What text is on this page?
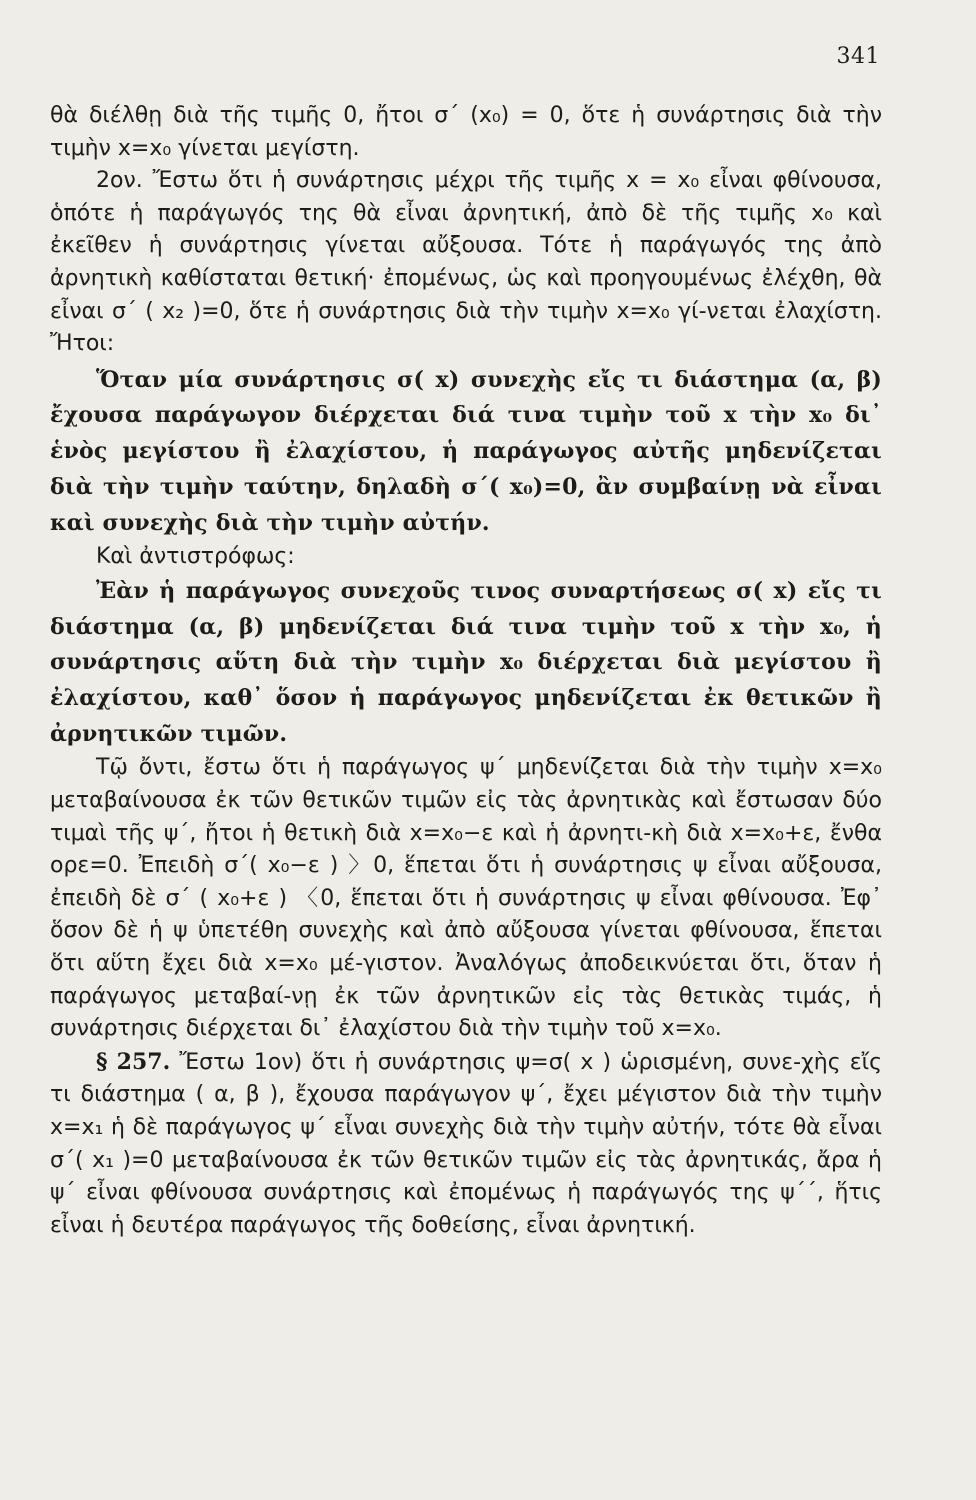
341

θὰ διέλθῃ διὰ τῆς τιμῆς 0, ἤτοι σ΄ (x₀) = 0, ὅτε ἡ συνάρτησις διὰ τὴν τιμὴν x=x₀ γίνεται μεγίστη.

2ον. Ἔστω ὅτι ἡ συνάρτησις μέχρι τῆς τιμῆς x = x₀ εἶναι φθίνουσα, ὁπότε ἡ παράγωγός της θὰ εἶναι ἀρνητική, ἀπὸ δὲ τῆς τιμῆς x₀ καὶ ἐκεῖθεν ἡ συνάρτησις γίνεται αὔξουσα. Τότε ἡ παράγωγός της ἀπὸ ἀρνητικὴ καθίσταται θετική· ἐπομένως, ὡς καὶ προηγουμένως ἐλέχθη, θὰ εἶναι σ΄ ( x₂ )=0, ὅτε ἡ συνάρτησις διὰ τὴν τιμὴν x=x₀ γί-νεται ἐλαχίστη. Ἤτοι:

Ὅταν μία συνάρτησις σ( x) συνεχὴς εἴς τι διάστημα (α, β) ἔχουσα παράγωγον διέρχεται διά τινα τιμὴν τοῦ x τὴν x₀ δι᾽ ἑνὸς μεγίστου ἢ ἐλαχίστου, ἡ παράγωγος αὐτῆς μηδενίζεται διὰ τὴν τιμὴν ταύτην, δηλαδὴ σ΄( x₀)=0, ἂν συμβαίνῃ νὰ εἶναι καὶ συνεχὴς διὰ τὴν τιμὴν αὐτήν.

Καὶ ἀντιστρόφως:

Ἐὰν ἡ παράγωγος συνεχοῦς τινος συναρτήσεως σ( x) εἴς τι διάστημα (α, β) μηδενίζεται διά τινα τιμὴν τοῦ x τὴν x₀, ἡ συνάρτησις αὕτη διὰ τὴν τιμὴν x₀ διέρχεται διὰ μεγίστου ἢ ἐλαχίστου, καθ᾽ ὅσον ἡ παράγωγος μηδενίζεται ἐκ θετικῶν ἢ ἀρνητικῶν τιμῶν.

Τῷ ὄντι, ἔστω ὅτι ἡ παράγωγος ψ΄ μηδενίζεται διὰ τὴν τιμὴν x=x₀ μεταβαίνουσα ἐκ τῶν θετικῶν τιμῶν εἰς τὰς ἀρνητικὰς καὶ ἔστωσαν δύο τιμαὶ τῆς ψ΄, ἤτοι ἡ θετικὴ διὰ x=x₀−ε καὶ ἡ ἀρνητι-κὴ διὰ x=x₀+ε, ἔνθα ορε=0. Ἐπειδὴ σ΄( x₀−ε ) 〉0, ἕπεται ὅτι ἡ συνάρτησις ψ εἶναι αὔξουσα, ἐπειδὴ δὲ σ΄ ( x₀+ε ) 〈0, ἕπεται ὅτι ἡ συνάρτησις ψ εἶναι φθίνουσα. Ἐφ᾽ ὅσον δὲ ἡ ψ ὑπετέθη συνεχὴς καὶ ἀπὸ αὔξουσα γίνεται φθίνουσα, ἕπεται ὅτι αὕτη ἔχει διὰ x=x₀ μέ-γιστον. Ἀναλόγως ἀποδεικνύεται ὅτι, ὅταν ἡ παράγωγος μεταβαί-νῃ ἐκ τῶν ἀρνητικῶν εἰς τὰς θετικὰς τιμάς, ἡ συνάρτησις διέρχεται δι᾽ ἐλαχίστου διὰ τὴν τιμὴν τοῦ x=x₀.

§ 257. Ἔστω 1ον) ὅτι ἡ συνάρτησις ψ=σ( x ) ὡρισμένη, συνε-χὴς εἴς τι διάστημα ( α, β ), ἔχουσα παράγωγον ψ΄, ἔχει μέγιστον διὰ τὴν τιμὴν x=x₁ ἡ δὲ παράγωγος ψ΄ εἶναι συνεχὴς διὰ τὴν τιμὴν αὐτήν, τότε θὰ εἶναι σ΄( x₁ )=0 μεταβαίνουσα ἐκ τῶν θετικῶν τιμῶν εἰς τὰς ἀρνητικάς, ἄρα ἡ ψ΄ εἶναι φθίνουσα συνάρτησις καὶ ἐπομένως ἡ παράγωγός της ψ΄΄, ἥτις εἶναι ἡ δευτέρα παράγωγος τῆς δοθείσης, εἶναι ἀρνητική.
